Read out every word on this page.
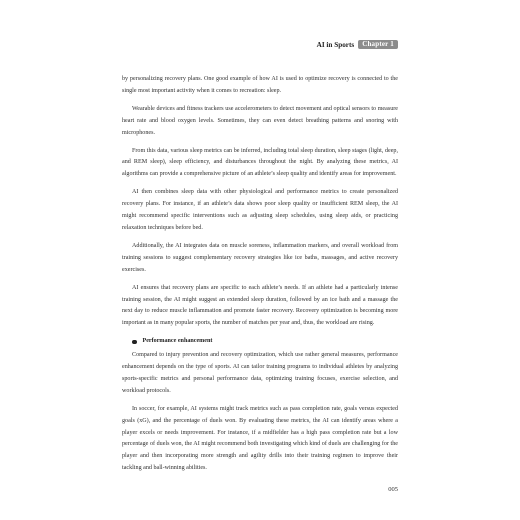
AI in Sports	Chapter 1

by personalizing recovery plans. One good example of how AI is used to optimize recovery is connected to the single most important activity when it comes to recreation: sleep.

Wearable devices and fitness trackers use accelerometers to detect movement and optical sensors to measure heart rate and blood oxygen levels. Sometimes, they can even detect breathing patterns and snoring with microphones.

From this data, various sleep metrics can be inferred, including total sleep duration, sleep stages (light, deep, and REM sleep), sleep efficiency, and disturbances throughout the night. By analyzing these metrics, AI algorithms can provide a comprehensive picture of an athlete’s sleep quality and identify areas for improvement.

AI then combines sleep data with other physiological and performance metrics to create personalized recovery plans. For instance, if an athlete’s data shows poor sleep quality or insufficient REM sleep, the AI might recommend specific interventions such as adjusting sleep schedules, using sleep aids, or practicing relaxation techniques before bed.

Additionally, the AI integrates data on muscle soreness, inflammation markers, and overall workload from training sessions to suggest complementary recovery strategies like ice baths, massages, and active recovery exercises.

AI ensures that recovery plans are specific to each athlete’s needs. If an athlete had a particularly intense training session, the AI might suggest an extended sleep duration, followed by an ice bath and a massage the next day to reduce muscle inflammation and promote faster recovery. Recovery optimization is becoming more important as in many popular sports, the number of matches per year and, thus, the workload are rising.

Performance enhancement

Compared to injury prevention and recovery optimization, which use rather general measures, performance enhancement depends on the type of sports. AI can tailor training programs to individual athletes by analyzing sports-specific metrics and personal performance data, optimizing training focuses, exercise selection, and workload protocols.

In soccer, for example, AI systems might track metrics such as pass completion rate, goals versus expected goals (xG), and the percentage of duels won. By evaluating these metrics, the AI can identify areas where a player excels or needs improvement. For instance, if a midfielder has a high pass completion rate but a low percentage of duels won, the AI might recommend both investigating which kind of duels are challenging for the player and then incorporating more strength and agility drills into their training regimen to improve their tackling and ball-winning abilities.

005
